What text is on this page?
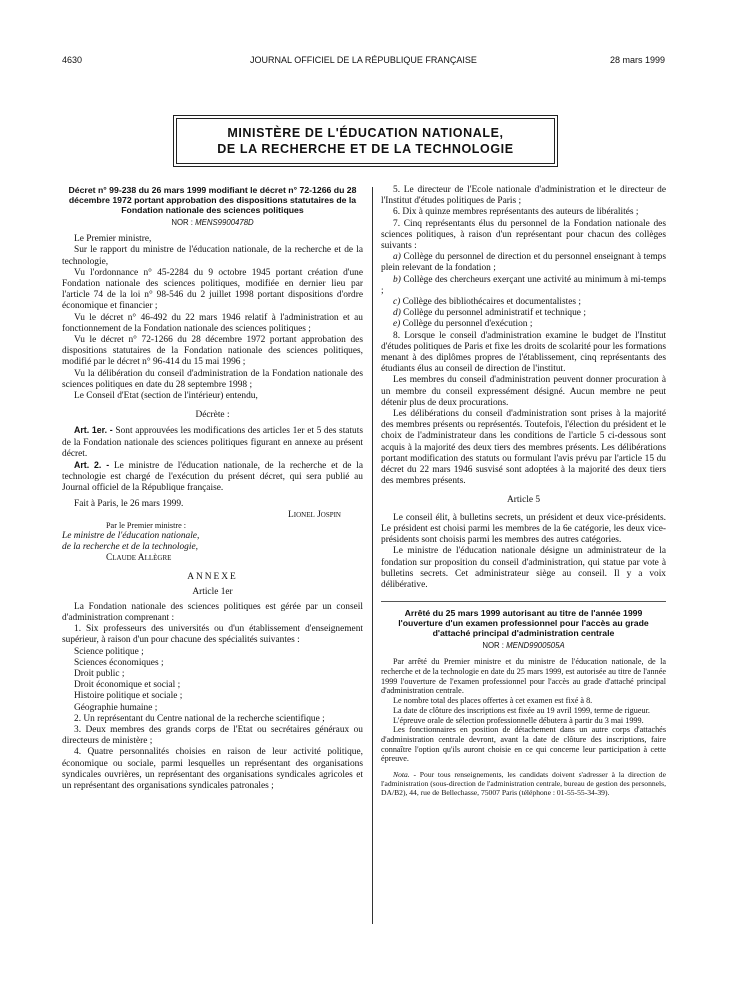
4630	JOURNAL OFFICIEL DE LA RÉPUBLIQUE FRANÇAISE	28 mars 1999
MINISTÈRE DE L'ÉDUCATION NATIONALE,
DE LA RECHERCHE ET DE LA TECHNOLOGIE
Décret n° 99-238 du 26 mars 1999 modifiant le décret n° 72-1266 du 28 décembre 1972 portant approbation des dispositions statutaires de la Fondation nationale des sciences politiques
NOR : MENS9900478D

Le Premier ministre,

Sur le rapport du ministre de l'éducation nationale, de la recherche et de la technologie,

Vu l'ordonnance n° 45-2284 du 9 octobre 1945 portant création d'une Fondation nationale des sciences politiques, modifiée en dernier lieu par l'article 74 de la loi n° 98-546 du 2 juillet 1998 portant dispositions d'ordre économique et financier ;

Vu le décret n° 46-492 du 22 mars 1946 relatif à l'administration et au fonctionnement de la Fondation nationale des sciences politiques ;

Vu le décret n° 72-1266 du 28 décembre 1972 portant approbation des dispositions statutaires de la Fondation nationale des sciences politiques, modifié par le décret n° 96-414 du 15 mai 1996 ;

Vu la délibération du conseil d'administration de la Fondation nationale des sciences politiques en date du 28 septembre 1998 ;

Le Conseil d'Etat (section de l'intérieur) entendu,

Décrète :

Art. 1er. - Sont approuvées les modifications des articles 1er et 5 des statuts de la Fondation nationale des sciences politiques figurant en annexe au présent décret.

Art. 2. - Le ministre de l'éducation nationale, de la recherche et de la technologie est chargé de l'exécution du présent décret, qui sera publié au Journal officiel de la République française.

Fait à Paris, le 26 mars 1999.

Lionel Jospin

Par le Premier ministre :

Le ministre de l'éducation nationale,

de la recherche et de la technologie,

Claude Allègre

ANNEXE

Article 1er

La Fondation nationale des sciences politiques est gérée par un conseil d'administration comprenant :

1. Six professeurs des universités ou d'un établissement d'enseignement supérieur, à raison d'un pour chacune des spécialités suivantes :

Science politique ;

Sciences économiques ;

Droit public ;

Droit économique et social ;

Histoire politique et sociale ;

Géographie humaine ;

2. Un représentant du Centre national de la recherche scientifique ;

3. Deux membres des grands corps de l'Etat ou secrétaires généraux ou directeurs de ministère ;

4. Quatre personnalités choisies en raison de leur activité politique, économique ou sociale, parmi lesquelles un représentant des organisations syndicales ouvrières, un représentant des organisations syndicales agricoles et un représentant des organisations syndicales patronales ;

5. Le directeur de l'Ecole nationale d'administration et le directeur de l'Institut d'études politiques de Paris ;

6. Dix à quinze membres représentants des auteurs de libéralités ;

7. Cinq représentants élus du personnel de la Fondation nationale des sciences politiques, à raison d'un représentant pour chacun des collèges suivants :

a) Collège du personnel de direction et du personnel enseignant à temps plein relevant de la fondation ;

b) Collège des chercheurs exerçant une activité au minimum à mi-temps ;

c) Collège des bibliothécaires et documentalistes ;

d) Collège du personnel administratif et technique ;

e) Collège du personnel d'exécution ;

8. Lorsque le conseil d'administration examine le budget de l'Institut d'études politiques de Paris et fixe les droits de scolarité pour les formations menant à des diplômes propres de l'établissement, cinq représentants des étudiants élus au conseil de direction de l'institut.

Les membres du conseil d'administration peuvent donner procuration à un membre du conseil expressément désigné. Aucun membre ne peut détenir plus de deux procurations.

Les délibérations du conseil d'administration sont prises à la majorité des membres présents ou représentés. Toutefois, l'élection du président et le choix de l'administrateur dans les conditions de l'article 5 ci-dessous sont acquis à la majorité des deux tiers des membres présents. Les délibérations portant modification des statuts ou formulant l'avis prévu par l'article 15 du décret du 22 mars 1946 susvisé sont adoptées à la majorité des deux tiers des membres présents.

Article 5

Le conseil élit, à bulletins secrets, un président et deux vice-présidents. Le président est choisi parmi les membres de la 6e catégorie, les deux vice-présidents sont choisis parmi les membres des autres catégories.

Le ministre de l'éducation nationale désigne un administrateur de la fondation sur proposition du conseil d'administration, qui statue par vote à bulletins secrets. Cet administrateur siège au conseil. Il y a voix délibérative.

Arrêté du 25 mars 1999 autorisant au titre de l'année 1999 l'ouverture d'un examen professionnel pour l'accès au grade d'attaché principal d'administration centrale
NOR : MEND9900505A

Par arrêté du Premier ministre et du ministre de l'éducation nationale, de la recherche et de la technologie en date du 25 mars 1999, est autorisée au titre de l'année 1999 l'ouverture de l'examen professionnel pour l'accès au grade d'attaché principal d'administration centrale.

Le nombre total des places offertes à cet examen est fixé à 8.

La date de clôture des inscriptions est fixée au 19 avril 1999, terme de rigueur.

L'épreuve orale de sélection professionnelle débutera à partir du 3 mai 1999.

Les fonctionnaires en position de détachement dans un autre corps d'attachés d'administration centrale devront, avant la date de clôture des inscriptions, faire connaître l'option qu'ils auront choisie en ce qui concerne leur participation à cette épreuve.

Nota. - Pour tous renseignements, les candidats doivent s'adresser à la direction de l'administration (sous-direction de l'administration centrale, bureau de gestion des personnels, DA/B2), 44, rue de Bellechasse, 75007 Paris (téléphone : 01-55-55-34-39).
